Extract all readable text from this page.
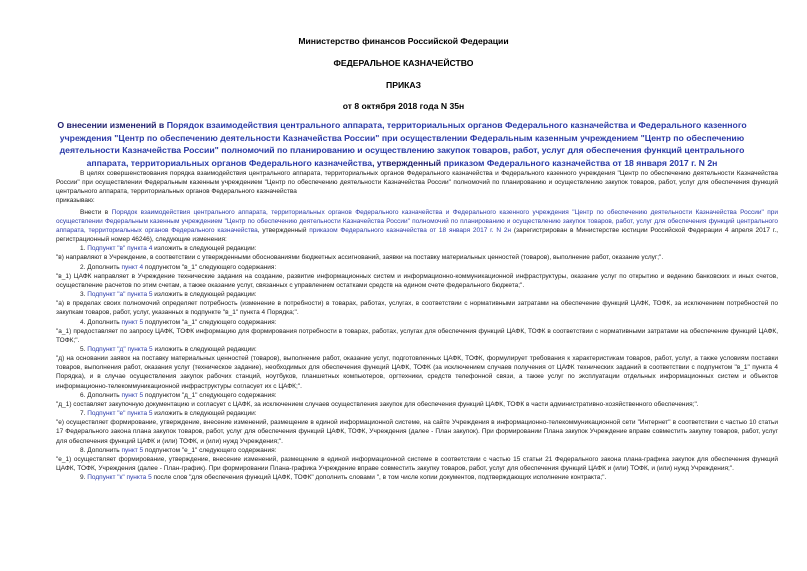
Министерство финансов Российской Федерации
ФЕДЕРАЛЬНОЕ КАЗНАЧЕЙСТВО
ПРИКАЗ
от 8 октября 2018 года N 35н
О внесении изменений в Порядок взаимодействия центрального аппарата, территориальных органов Федерального казначейства и Федерального казенного учреждения "Центр по обеспечению деятельности Казначейства России" при осуществлении Федеральным казенным учреждением "Центр по обеспечению деятельности Казначейства России" полномочий по планированию и осуществлению закупок товаров, работ, услуг для обеспечения функций центрального аппарата, территориальных органов Федерального казначейства, утвержденный приказом Федерального казначейства от 18 января 2017 г. N 2н

В целях совершенствования порядка взаимодействия центрального аппарата, территориальных органов Федерального казначейства и Федерального казенного учреждения "Центр по обеспечению деятельности Казначейства России" при осуществлении Федеральным казенным учреждением "Центр по обеспечению деятельности Казначейства России" полномочий по планированию и осуществлению закупок товаров, работ, услуг для обеспечения функций центрального аппарата, территориальных органов Федерального казначейства

приказываю:

Внести в Порядок взаимодействия центрального аппарата, территориальных органов Федерального казначейства и Федерального казенного учреждения "Центр по обеспечению деятельности Казначейства России" при осуществлении Федеральным казенным учреждением "Центр по обеспечению деятельности Казначейства России" полномочий по планированию и осуществлению закупок товаров, работ, услуг для обеспечения функций центрального аппарата, территориальных органов Федерального казначейства, утвержденный приказом Федерального казначейства от 18 января 2017 г. N 2н (зарегистрирован в Министерстве юстиции Российской Федерации 4 апреля 2017 г., регистрационный номер 46246), следующие изменения:

1. Подпункт "в" пункта 4 изложить в следующей редакции:

"в) направляют в Учреждение, в соответствии с утвержденными обоснованиями бюджетных ассигнований, заявки на поставку материальных ценностей (товаров), выполнение работ, оказание услуг;".

2. Дополнить пункт 4 подпунктом "в_1" следующего содержания:

"в_1) ЦАФК направляет в Учреждение технические задания на создание, развитие информационных систем и информационно-коммуникационной инфраструктуры, оказание услуг по открытию и ведению банковских и иных счетов, осуществление расчетов по этим счетам, а также оказание услуг, связанных с управлением остатками средств на едином счете федерального бюджета;".

3. Подпункт "а" пункта 5 изложить в следующей редакции:

"а) в пределах своих полномочий определяет потребность (изменение в потребности) в товарах, работах, услугах, в соответствии с нормативными затратами на обеспечение функций ЦАФК, ТОФК, за исключением потребностей по закупкам товаров, работ, услуг, указанных в подпункте "в_1" пункта 4 Порядка;".

4. Дополнить пункт 5 подпунктом "а_1" следующего содержания:

"а_1) предоставляет по запросу ЦАФК, ТОФК информацию для формирования потребности в товарах, работах, услугах для обеспечения функций ЦАФК, ТОФК в соответствии с нормативными затратами на обеспечение функций ЦАФК, ТОФК;".

5. Подпункт "д" пункта 5 изложить в следующей редакции:

"д) на основании заявок на поставку материальных ценностей (товаров), выполнение работ, оказание услуг, подготовленных ЦАФК, ТОФК, формулирует требования к характеристикам товаров, работ, услуг, а также условиям поставки товаров, выполнения работ, оказания услуг (техническое задание), необходимых для обеспечения функций ЦАФК, ТОФК (за исключением случаев получения от ЦАФК технических заданий в соответствии с подпунктом "в_1" пункта 4 Порядка), и в случае осуществления закупок рабочих станций, ноутбуков, планшетных компьютеров, оргтехники, средств телефонной связи, а также услуг по эксплуатации отдельных информационных систем и объектов информационно-телекоммуникационной инфраструктуры согласует их с ЦАФК;".

6. Дополнить пункт 5 подпунктом "д_1" следующего содержания:

"д_1) составляет закупочную документацию и согласует с ЦАФК, за исключением случаев осуществления закупок для обеспечения функций ЦАФК, ТОФК в части административно-хозяйственного обеспечения;".

7. Подпункт "е" пункта 5 изложить в следующей редакции:

"е) осуществляет формирование, утверждение, внесение изменений, размещение в единой информационной системе, на сайте Учреждения в информационно-телекоммуникационной сети "Интернет" в соответствии с частью 10 статьи 17 Федерального закона плана закупок товаров, работ, услуг для обеспечения функций ЦАФК, ТОФК, Учреждения (далее - План закупок). При формировании Плана закупок Учреждение вправе совместить закупку товаров, работ, услуг для обеспечения функций ЦАФК и (или) ТОФК, и (или) нужд Учреждения;".

8. Дополнить пункт 5 подпунктом "е_1" следующего содержания:

"е_1) осуществляет формирование, утверждение, внесение изменений, размещение в единой информационной системе в соответствии с частью 15 статьи 21 Федерального закона плана-графика закупок для обеспечения функций ЦАФК, ТОФК, Учреждения (далее - План-график). При формировании Плана-графика Учреждение вправе совместить закупку товаров, работ, услуг для обеспечения функций ЦАФК и (или) ТОФК, и (или) нужд Учреждения;".

9. Подпункт "к" пункта 5 после слов "для обеспечения функций ЦАФК, ТОФК" дополнить словами ", в том числе копии документов, подтверждающих исполнение контракта;".
